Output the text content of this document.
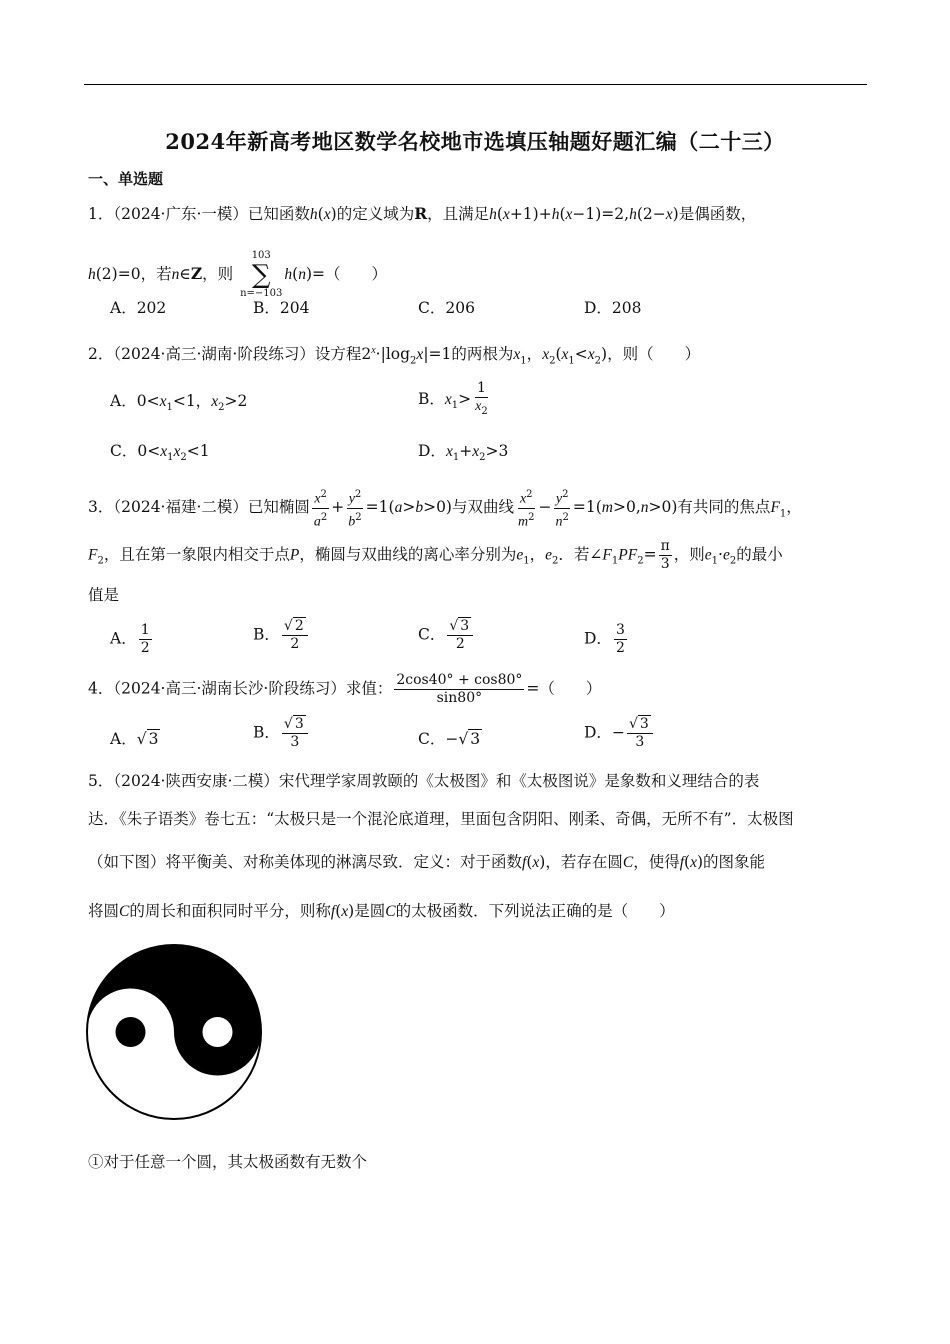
2024年新高考地区数学名校地市选填压轴题好题汇编（二十三）
一、单选题
1．（2024·广东·一模）已知函数h(x)的定义域为R，且满足h(x+1)+h(x−1)=2,h(2−x)是偶函数，
h(2)=0，若n∈Z，则
103
∑
n=−103
h(n)=（　　）
A．202	B．204	C．206	D．208
2．（2024·高三·湖南·阶段练习）设方程$2^x\cdot|\log_2x|=1$的两根为$x_1$，$x_2(x_1<x_2)$，则（　　）
A．$0<x_1<1$，$x_2>2$	B．$x_1> \frac{1}{x_2}$
C．$0<x_1x_2<1$	D．$x_1+x_2>3$
3．（2024·福建·二模）已知椭圆 $\frac{x^2}{a^2} + \frac{y^2}{b^2} =1(a>b>0)$与双曲线 $\frac{x^2}{m^2} - \frac{y^2}{n^2} =1(m>0,n>0)$有共同的焦点$F_1$，
$F_2$，且在第一象限内相交于点P，椭圆与双曲线的离心率分别为$e_1$，$e_2$．若$\angle F_1PF_2= \frac{\pi}{3}$ ，则$e_1\cdot e_2$的最小
值是
A． $\frac{1}{2}$	B． $\frac{√ 2}{2}$	C． $\frac{√ 3}{2}$	D． $\frac{3}{2}$
4．（2024·高三·湖南长沙·阶段练习）求值： $\frac{2\cos 40^\circ + \cos 80^\circ}{\sin 80^\circ}$ =（　　）
A．√ 3	B． $\frac{√ 3}{3}$	C．−√ 3	D．− $\frac{√ 3}{3}$
5．（2024·陕西安康·二模）宋代理学家周敦颐的《太极图》和《太极图说》是象数和义理结合的表
达．《朱子语类》卷七五：“太极只是一个混沦底道理，里面包含阴阳、刚柔、奇偶，无所不有”．太极图
（如下图）将平衡美、对称美体现的淋漓尽致．定义：对于函数f(x)，若存在圆C，使得f(x)的图象能
将圆C的周长和面积同时平分，则称f(x)是圆C的太极函数．下列说法正确的是（　　）
①对于任意一个圆，其太极函数有无数个
